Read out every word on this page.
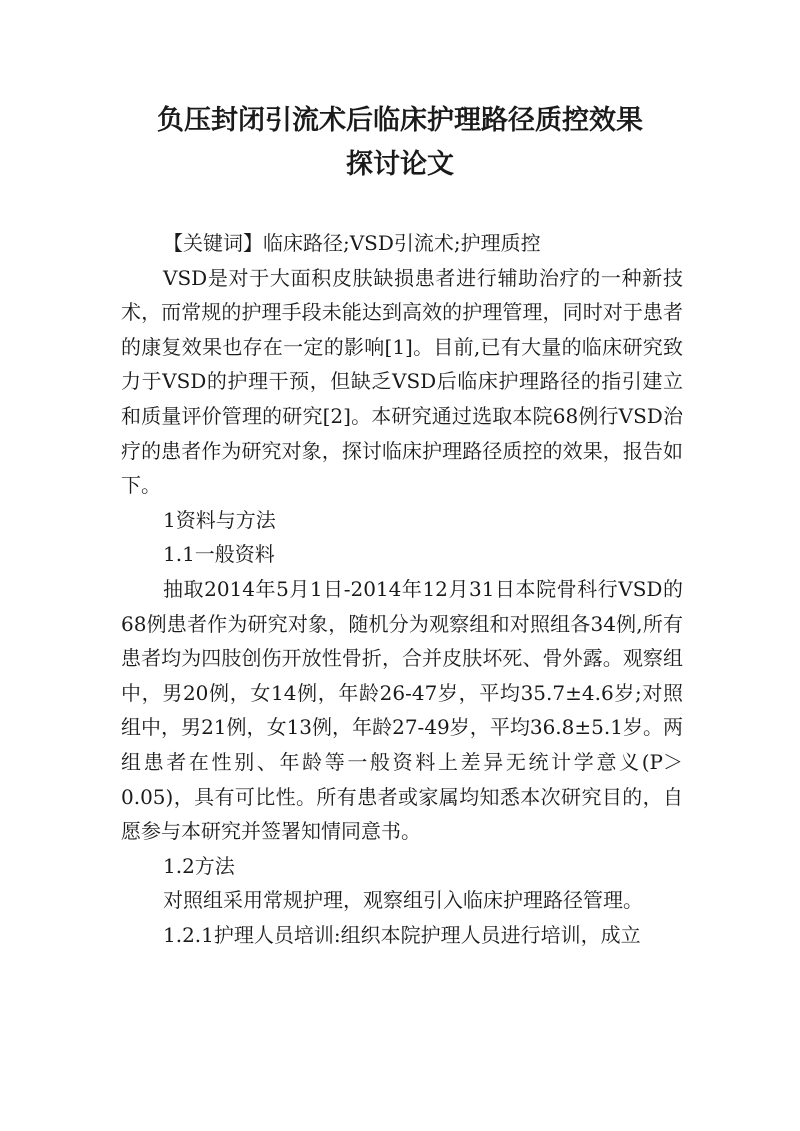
负压封闭引流术后临床护理路径质控效果
探讨论文

【关键词】临床路径;VSD引流术;护理质控

VSD是对于大面积皮肤缺损患者进行辅助治疗的一种新技术，而常规的护理手段未能达到高效的护理管理，同时对于患者的康复效果也存在一定的影响[1]。目前,已有大量的临床研究致力于VSD的护理干预，但缺乏VSD后临床护理路径的指引建立和质量评价管理的研究[2]。本研究通过选取本院68例行VSD治疗的患者作为研究对象，探讨临床护理路径质控的效果，报告如下。

1资料与方法

1.1一般资料

抽取2014年5月1日-2014年12月31日本院骨科行VSD的68例患者作为研究对象，随机分为观察组和对照组各34例,所有患者均为四肢创伤开放性骨折，合并皮肤坏死、骨外露。观察组中，男20例，女14例，年龄26-47岁，平均35.7±4.6岁;对照组中，男21例，女13例，年龄27-49岁，平均36.8±5.1岁。两组患者在性别、年龄等一般资料上差异无统计学意义(P＞0.05)，具有可比性。所有患者或家属均知悉本次研究目的，自愿参与本研究并签署知情同意书。

1.2方法

对照组采用常规护理，观察组引入临床护理路径管理。

1.2.1护理人员培训:组织本院护理人员进行培训，成立
